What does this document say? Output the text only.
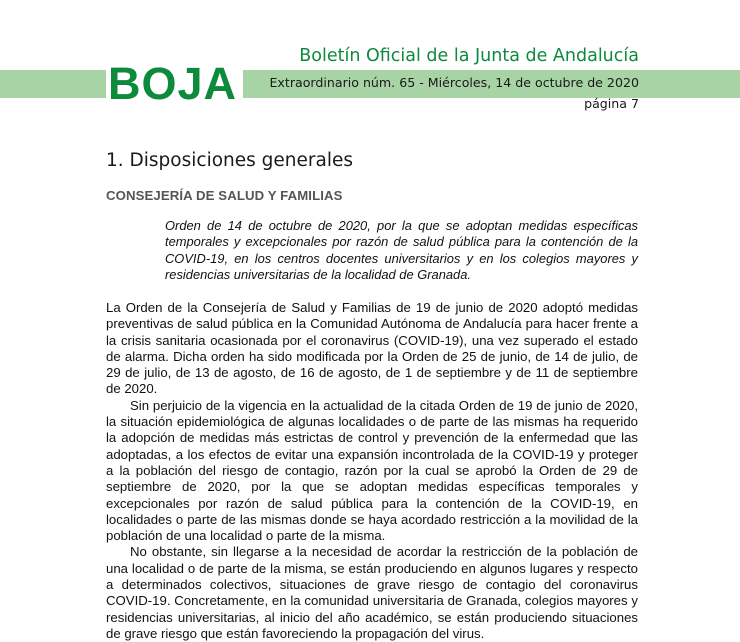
BOJA
Boletín Oficial de la Junta de Andalucía
Extraordinario núm. 65 - Miércoles, 14 de octubre de 2020
página 7
1. Disposiciones generales
CONSEJERÍA DE SALUD Y FAMILIAS

Orden de 14 de octubre de 2020, por la que se adoptan medidas específicas temporales y excepcionales por razón de salud pública para la contención de la COVID-19, en los centros docentes universitarios y en los colegios mayores y residencias universitarias de la localidad de Granada.

La Orden de la Consejería de Salud y Familias de 19 de junio de 2020 adoptó medidas preventivas de salud pública en la Comunidad Autónoma de Andalucía para hacer frente a la crisis sanitaria ocasionada por el coronavirus (COVID-19), una vez superado el estado de alarma. Dicha orden ha sido modificada por la Orden de 25 de junio, de 14 de julio, de 29 de julio, de 13 de agosto, de 16 de agosto, de 1 de septiembre y de 11 de septiembre de 2020.

Sin perjuicio de la vigencia en la actualidad de la citada Orden de 19 de junio de 2020, la situación epidemiológica de algunas localidades o de parte de las mismas ha requerido la adopción de medidas más estrictas de control y prevención de la enfermedad que las adoptadas, a los efectos de evitar una expansión incontrolada de la COVID-19 y proteger a la población del riesgo de contagio, razón por la cual se aprobó la Orden de 29 de septiembre de 2020, por la que se adoptan medidas específicas temporales y excepcionales por razón de salud pública para la contención de la COVID-19, en localidades o parte de las mismas donde se haya acordado restricción a la movilidad de la población de una localidad o parte de la misma.

No obstante, sin llegarse a la necesidad de acordar la restricción de la población de una localidad o de parte de la misma, se están produciendo en algunos lugares y respecto a determinados colectivos, situaciones de grave riesgo de contagio del coronavirus COVID-19. Concretamente, en la comunidad universitaria de Granada, colegios mayores y residencias universitarias, al inicio del año académico, se están produciendo situaciones de grave riesgo que están favoreciendo la propagación del virus.
